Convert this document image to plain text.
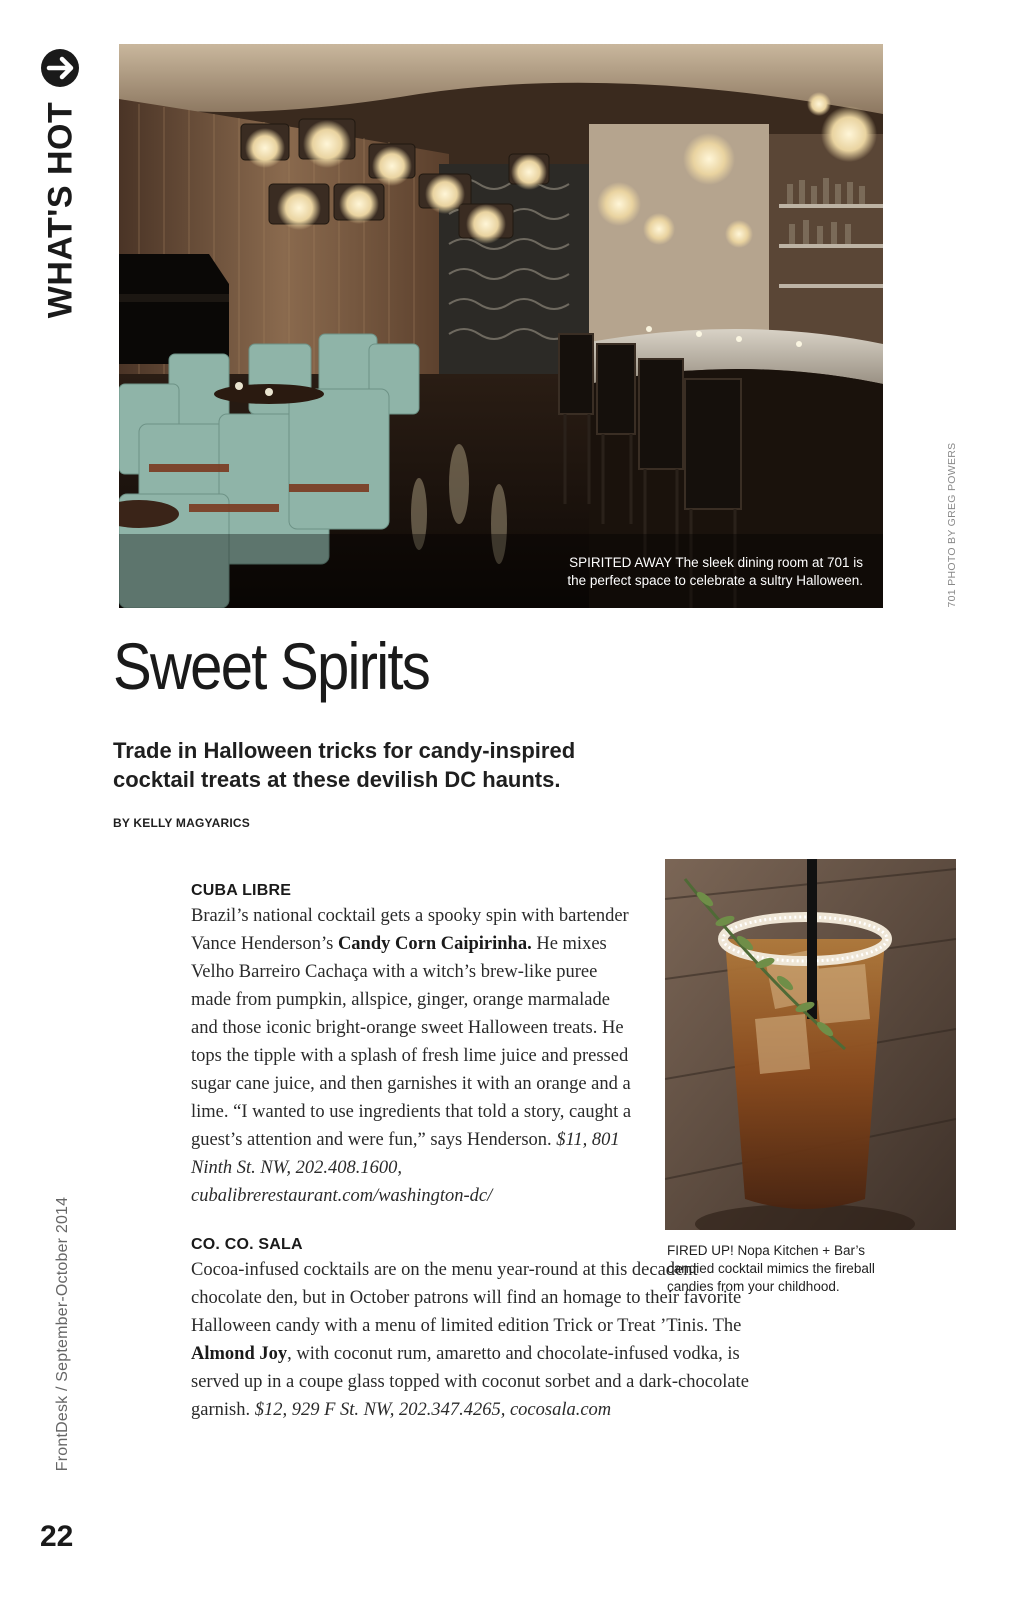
WHAT'S HOT
SPIRITED AWAY The sleek dining room at 701 is
the perfect space to celebrate a sultry Halloween.	701 PHOTO BY GREG POWERS
Sweet Spirits
Trade in Halloween tricks for candy-inspired
cocktail treats at these devilish DC haunts.
BY KELLY MAGYARICS
CUBA LIBRE

Brazil’s national cocktail gets a spooky spin with bartender Vance Henderson’s Candy Corn Caipirinha. He mixes Velho Barreiro Cachaça with a witch’s brew-like puree made from pumpkin, allspice, ginger, orange marmalade and those iconic bright-orange sweet Halloween treats. He tops the tipple with a splash of fresh lime juice and pressed sugar cane juice, and then garnishes it with an orange and a lime. “I wanted to use ingredients that told a story, caught a guest’s attention and were fun,” says Henderson. $11, 801 Ninth St. NW, 202.408.1600, cubalibrerestaurant.com/washington-dc/

CO. CO. SALA

Cocoa-infused cocktails are on the menu year-round at this decadent chocolate den, but in October patrons will find an homage to their favorite Halloween candy with a menu of limited edition Trick or Treat ’Tinis. The Almond Joy, with coconut rum, amaretto and chocolate-infused vodka, is served up in a coupe glass topped with coconut sorbet and a dark-chocolate garnish. $12, 929 F St. NW, 202.347.4265, cocosala.com

FIRED UP! Nopa Kitchen + Bar’s
candied cocktail mimics the fireball
candies from your childhood.
FrontDesk / September-October 2014
22
